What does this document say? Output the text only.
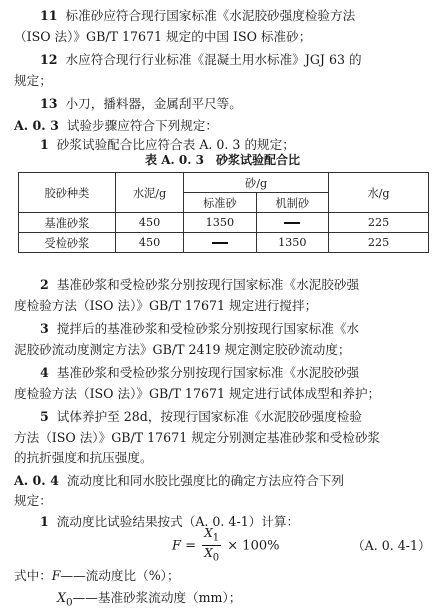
11 标准砂应符合现行国家标准《水泥胶砂强度检验方法
（ISO 法）》GB/T 17671 规定的中国 ISO 标准砂；
12 水应符合现行行业标准《混凝土用水标准》JGJ 63 的
规定；
13 小刀，播料器，金属刮平尺等。
A. 0. 3 试验步骤应符合下列规定：
1 砂浆试验配合比应符合表 A. 0. 3 的规定；
表 A. 0. 3　砂浆试验配合比
胶砂种类	水泥/g	砂/g		水/g
		标准砂	机制砂	
基准砂浆	450	1350		225
受检砂浆	450		1350	225
2 基准砂浆和受检砂浆分别按现行国家标准《水泥胶砂强
度检验方法（ISO 法）》GB/T 17671 规定进行搅拌；
3 搅拌后的基准砂浆和受检砂浆分别按现行国家标准《水
泥胶砂流动度测定方法》GB/T 2419 规定测定胶砂流动度；
4 基准砂浆和受检砂浆分别按现行国家标准《水泥胶砂强
度检验方法（ISO 法）》GB/T 17671 规定进行试体成型和养护；
5 试体养护至 28d，按现行国家标准《水泥胶砂强度检验
方法（ISO 法）》GB/T 17671 规定分别测定基准砂浆和受检砂浆
的抗折强度和抗压强度。
A. 0. 4 流动度比和同水胶比强度比的确定方法应符合下列
规定：
1 流动度比试验结果按式（A. 0. 4-1）计算：
$F = \frac{X_1}{X_0} \times 100\%$	（A. 0. 4-1）
式中：F——流动度比（%）；
$X_0——$基准砂浆流动度（mm）；
